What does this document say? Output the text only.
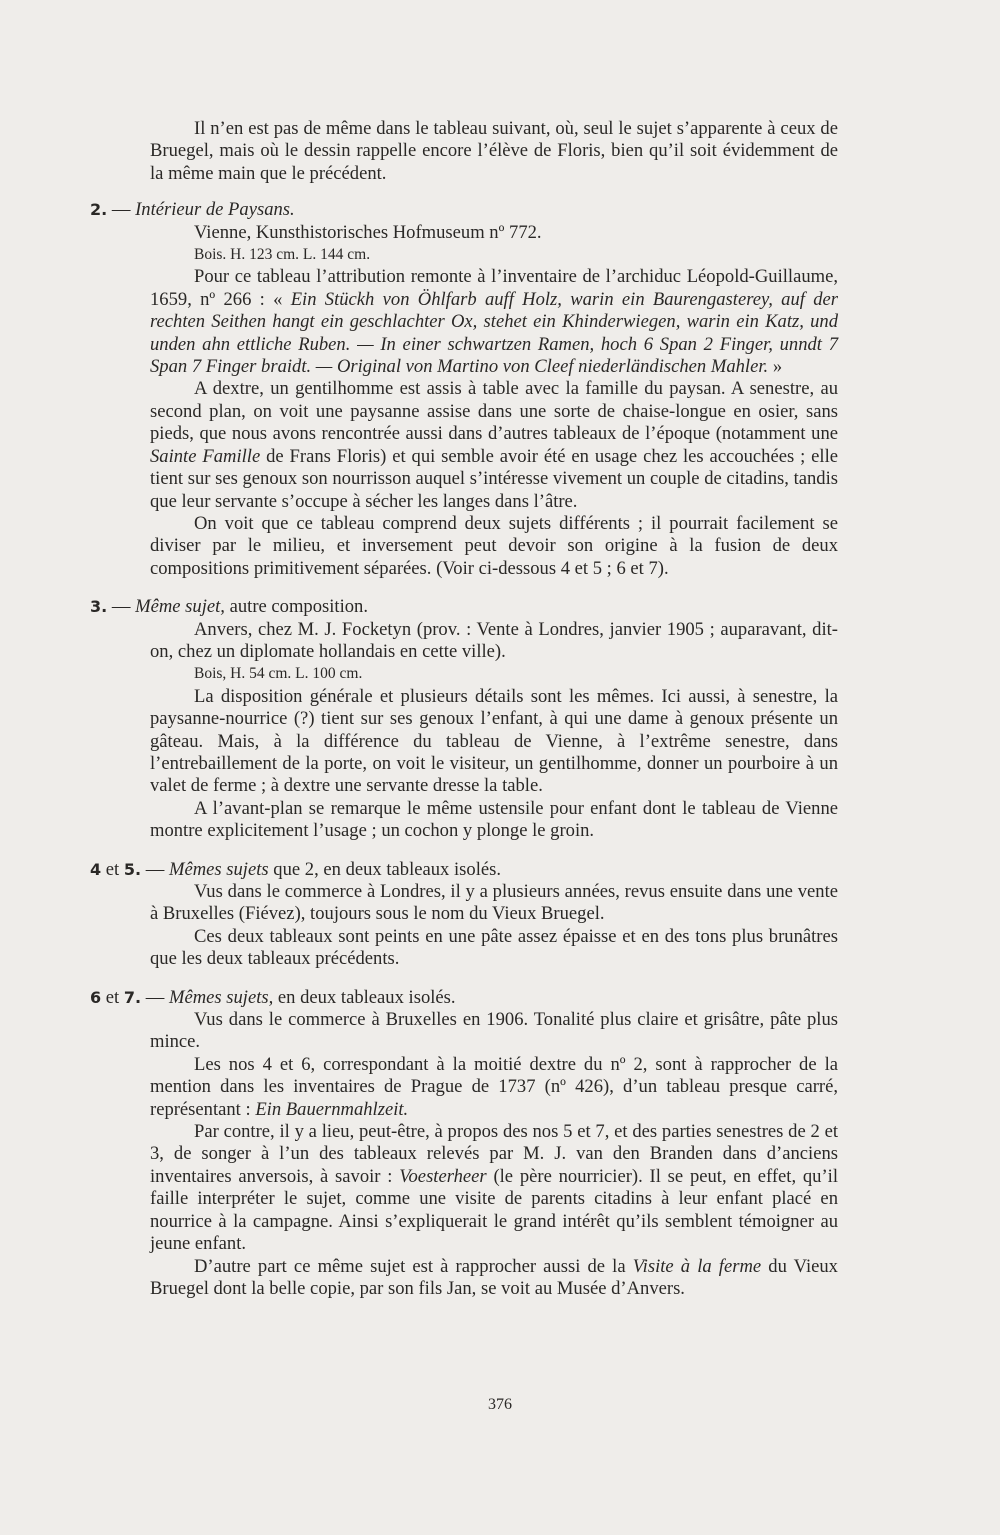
Il n’en est pas de même dans le tableau suivant, où, seul le sujet s’apparente à ceux de Bruegel, mais où le dessin rappelle encore l’élève de Floris, bien qu’il soit évidemment de la même main que le précédent.

2. — Intérieur de Paysans.

Vienne, Kunsthistorisches Hofmuseum nº 772.

Bois. H. 123 cm. L. 144 cm.

Pour ce tableau l’attribution remonte à l’inventaire de l’archiduc Léopold-Guillaume, 1659, nº 266 : « Ein Stückh von Öhlfarb auff Holz, warin ein Baurengasterey, auf der rechten Seithen hangt ein geschlachter Ox, stehet ein Khinderwiegen, warin ein Katz, und unden ahn ettliche Ruben. — In einer schwartzen Ramen, hoch 6 Span 2 Finger, unndt 7 Span 7 Finger braidt. — Original von Martino von Cleef niederländischen Mahler. »

A dextre, un gentilhomme est assis à table avec la famille du paysan. A senestre, au second plan, on voit une paysanne assise dans une sorte de chaise-longue en osier, sans pieds, que nous avons rencontrée aussi dans d’autres tableaux de l’époque (notamment une Sainte Famille de Frans Floris) et qui semble avoir été en usage chez les accouchées ; elle tient sur ses genoux son nourrisson auquel s’intéresse vivement un couple de citadins, tandis que leur servante s’occupe à sécher les langes dans l’âtre.

On voit que ce tableau comprend deux sujets différents ; il pourrait facilement se diviser par le milieu, et inversement peut devoir son origine à la fusion de deux compositions primitivement séparées. (Voir ci-dessous 4 et 5 ; 6 et 7).

3. — Même sujet, autre composition.

Anvers, chez M. J. Focketyn (prov. : Vente à Londres, janvier 1905 ; auparavant, dit-on, chez un diplomate hollandais en cette ville).

Bois, H. 54 cm. L. 100 cm.

La disposition générale et plusieurs détails sont les mêmes. Ici aussi, à senestre, la paysanne-nourrice (?) tient sur ses genoux l’enfant, à qui une dame à genoux présente un gâteau. Mais, à la différence du tableau de Vienne, à l’extrême senestre, dans l’entrebaillement de la porte, on voit le visiteur, un gentilhomme, donner un pourboire à un valet de ferme ; à dextre une servante dresse la table.

A l’avant-plan se remarque le même ustensile pour enfant dont le tableau de Vienne montre explicitement l’usage ; un cochon y plonge le groin.

4 et 5. — Mêmes sujets que 2, en deux tableaux isolés.

Vus dans le commerce à Londres, il y a plusieurs années, revus ensuite dans une vente à Bruxelles (Fiévez), toujours sous le nom du Vieux Bruegel.

Ces deux tableaux sont peints en une pâte assez épaisse et en des tons plus brunâtres que les deux tableaux précédents.

6 et 7. — Mêmes sujets, en deux tableaux isolés.

Vus dans le commerce à Bruxelles en 1906. Tonalité plus claire et grisâtre, pâte plus mince.

Les nos 4 et 6, correspondant à la moitié dextre du nº 2, sont à rapprocher de la mention dans les inventaires de Prague de 1737 (nº 426), d’un tableau presque carré, représentant : Ein Bauernmahlzeit.

Par contre, il y a lieu, peut-être, à propos des nos 5 et 7, et des parties senestres de 2 et 3, de songer à l’un des tableaux relevés par M. J. van den Branden dans d’anciens inventaires anversois, à savoir : Voesterheer (le père nourricier). Il se peut, en effet, qu’il faille interpréter le sujet, comme une visite de parents citadins à leur enfant placé en nourrice à la campagne. Ainsi s’expliquerait le grand intérêt qu’ils semblent témoigner au jeune enfant.

D’autre part ce même sujet est à rapprocher aussi de la Visite à la ferme du Vieux Bruegel dont la belle copie, par son fils Jan, se voit au Musée d’Anvers.

376
